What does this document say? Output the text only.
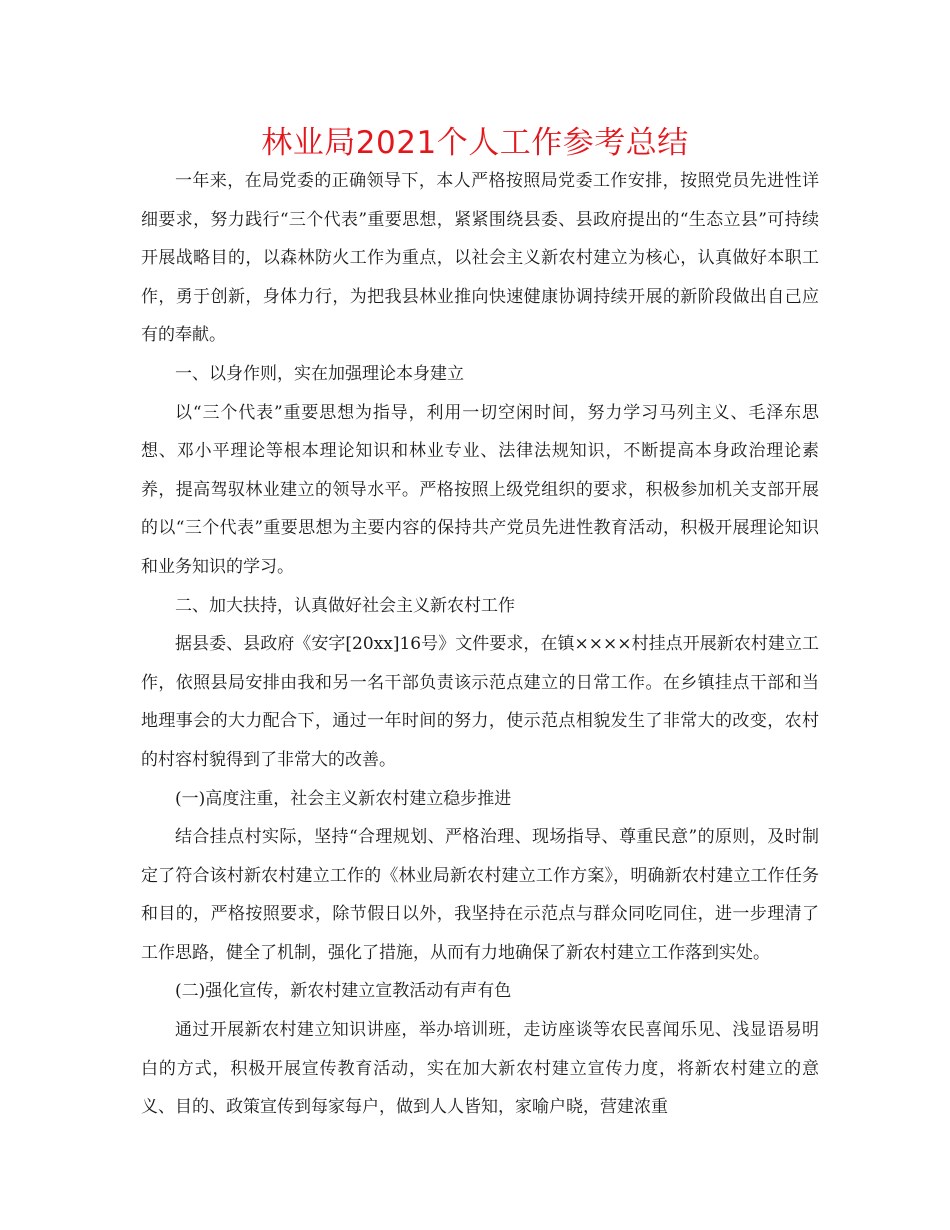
林业局2021个人工作参考总结

一年来，在局党委的正确领导下，本人严格按照局党委工作安排，按照党员先进性详细要求，努力践行“三个代表”重要思想，紧紧围绕县委、县政府提出的“生态立县”可持续开展战略目的，以森林防火工作为重点，以社会主义新农村建立为核心，认真做好本职工作，勇于创新，身体力行，为把我县林业推向快速健康协调持续开展的新阶段做出自己应有的奉献。

一、以身作则，实在加强理论本身建立

以“三个代表”重要思想为指导，利用一切空闲时间，努力学习马列主义、毛泽东思想、邓小平理论等根本理论知识和林业专业、法律法规知识，不断提高本身政治理论素养，提高驾驭林业建立的领导水平。严格按照上级党组织的要求，积极参加机关支部开展的以“三个代表”重要思想为主要内容的保持共产党员先进性教育活动，积极开展理论知识和业务知识的学习。

二、加大扶持，认真做好社会主义新农村工作

据县委、县政府《安字[20xx]16号》文件要求，在镇××××村挂点开展新农村建立工作，依照县局安排由我和另一名干部负责该示范点建立的日常工作。在乡镇挂点干部和当地理事会的大力配合下，通过一年时间的努力，使示范点相貌发生了非常大的改变，农村的村容村貌得到了非常大的改善。

(一)高度注重，社会主义新农村建立稳步推进

结合挂点村实际，坚持“合理规划、严格治理、现场指导、尊重民意”的原则，及时制定了符合该村新农村建立工作的《林业局新农村建立工作方案》，明确新农村建立工作任务和目的，严格按照要求，除节假日以外，我坚持在示范点与群众同吃同住，进一步理清了工作思路，健全了机制，强化了措施，从而有力地确保了新农村建立工作落到实处。

(二)强化宣传，新农村建立宣教活动有声有色

通过开展新农村建立知识讲座，举办培训班，走访座谈等农民喜闻乐见、浅显语易明白的方式，积极开展宣传教育活动，实在加大新农村建立宣传力度，将新农村建立的意义、目的、政策宣传到每家每户，做到人人皆知，家喻户晓，营建浓重
